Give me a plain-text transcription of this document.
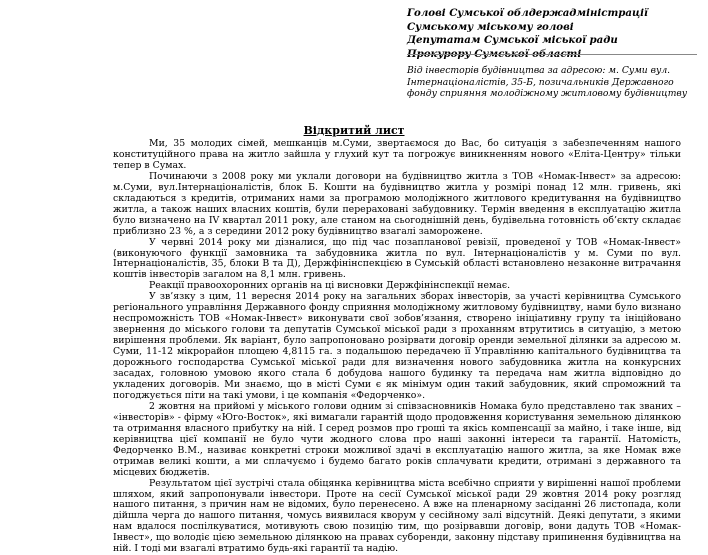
Голові Сумської облдержадміністрації
Сумському міському голові
Депутатам Сумської міської ради
Прокурору Сумської області
Від інвесторів будівництва за адресою: м. Суми вул. Інтернаціоналістів, 35-Б, позичальників Державного фонду сприяння молодіжному житловому будівництву
Відкритий лист

Ми, 35 молодих сімей, мешканців м.Суми, звертаємося до Вас, бо ситуація з забезпеченням нашого конституційного права на житло зайшла у глухий кут та погрожує виникненням нового «Еліта-Центру» тільки тепер в Сумах.

Починаючи з 2008 року ми уклали договори на будівництво житла з ТОВ «Номак-Інвест» за адресою: м.Суми, вул.Інтернаціоналістів, блок Б. Кошти на будівництво житла у розмірі понад 12 млн. гривень, які складаються з кредитів, отриманих нами за програмою молодіжного житлового кредитування на будівництво житла, а також наших власних коштів, були перераховані забудовнику. Термін введення в експлуатацію житла було визначено на IV квартал 2011 року, але станом на сьогоднішній день, будівельна готовність об’єкту складає приблизно 23 %, а з середини 2012 року будівництво взагалі заморожене.

У червні 2014 року ми дізналися, що під час позапланової ревізії, проведеної у ТОВ «Номак-Інвест» (виконуючого функції замовника та забудовника житла по вул. Інтернаціоналістів у м. Суми по вул. Інтернаціоналістів, 35, блоки В та Д), Держфінінспекцією в Сумській області встановлено незаконне витрачання коштів інвесторів загалом на 8,1 млн. гривень.

Реакції правоохоронних органів на ці висновки Держфінінспекції немає.

У зв’язку з цим, 11 вересня 2014 року на загальних зборах інвесторів, за участі керівництва Сумського регіонального управління Державного фонду сприяння молодіжному житловому будівництву, нами було визнано неспроможність ТОВ «Номак-Інвест» виконувати свої зобов’язання, створено ініціативну групу та ініційовано звернення до міського голови та депутатів Сумської міської ради з проханням втрутитись в ситуацію, з метою вирішення проблеми. Як варіант, було запропоновано розірвати договір оренди земельної ділянки за адресою м. Суми, 11-12 мікрорайон площею 4,8115 га. з подальшою передачею її Управлінню капітального будівництва та дорожнього господарства Сумської міської ради для визначення нового забудовника житла на конкурсних засадах, головною умовою якого стала б добудова нашого будинку та передача нам житла відповідно до укладених договорів. Ми знаємо, що в місті Суми є як мінімум один такий забудовник, який спроможний та погоджується піти на такі умови, і це компанія «Федорченко».

2 жовтня на прийомі у міського голови одним зі співзасновників Номака було представлено так званих – «інвесторів» - фірму «Юго-Восток», які вимагали гарантій щодо продовження користування земельною ділянкою та отримання власного прибутку на ній. І серед розмов про гроші та якісь компенсації за майно, і таке інше, від керівництва цієї компанії не було чути жодного слова про наші законні інтереси та гарантії. Натомість, Федорченко В.М., називає конкретні строки можливої здачі в експлуатацію нашого житла, за яке Номак вже отримав великі кошти, а ми сплачуємо і будемо багато років сплачувати кредити, отримані з державного та місцевих бюджетів.

Результатом цієї зустрічі стала обіцянка керівництва міста всебічно сприяти у вирішенні нашої проблеми шляхом, який запропонували інвестори. Проте на сесії Сумської міської ради 29 жовтня 2014 року розгляд нашого питання, з причин нам не відомих, було перенесено. А вже на пленарному засіданні 26 листопада, коли дійшла черга до нашого питання, чомусь виявилася кворум у сесійному залі відсутній. Деякі депутати, з якими нам вдалося поспілкуватися, мотивують свою позицію тим, що розірвавши договір, вони дадуть ТОВ «Номак-Інвест», що володіє цією земельною ділянкою на правах суборенди, законну підставу припинення будівництва на ній. І тоді ми взагалі втратимо будь-які гарантії та надію.
